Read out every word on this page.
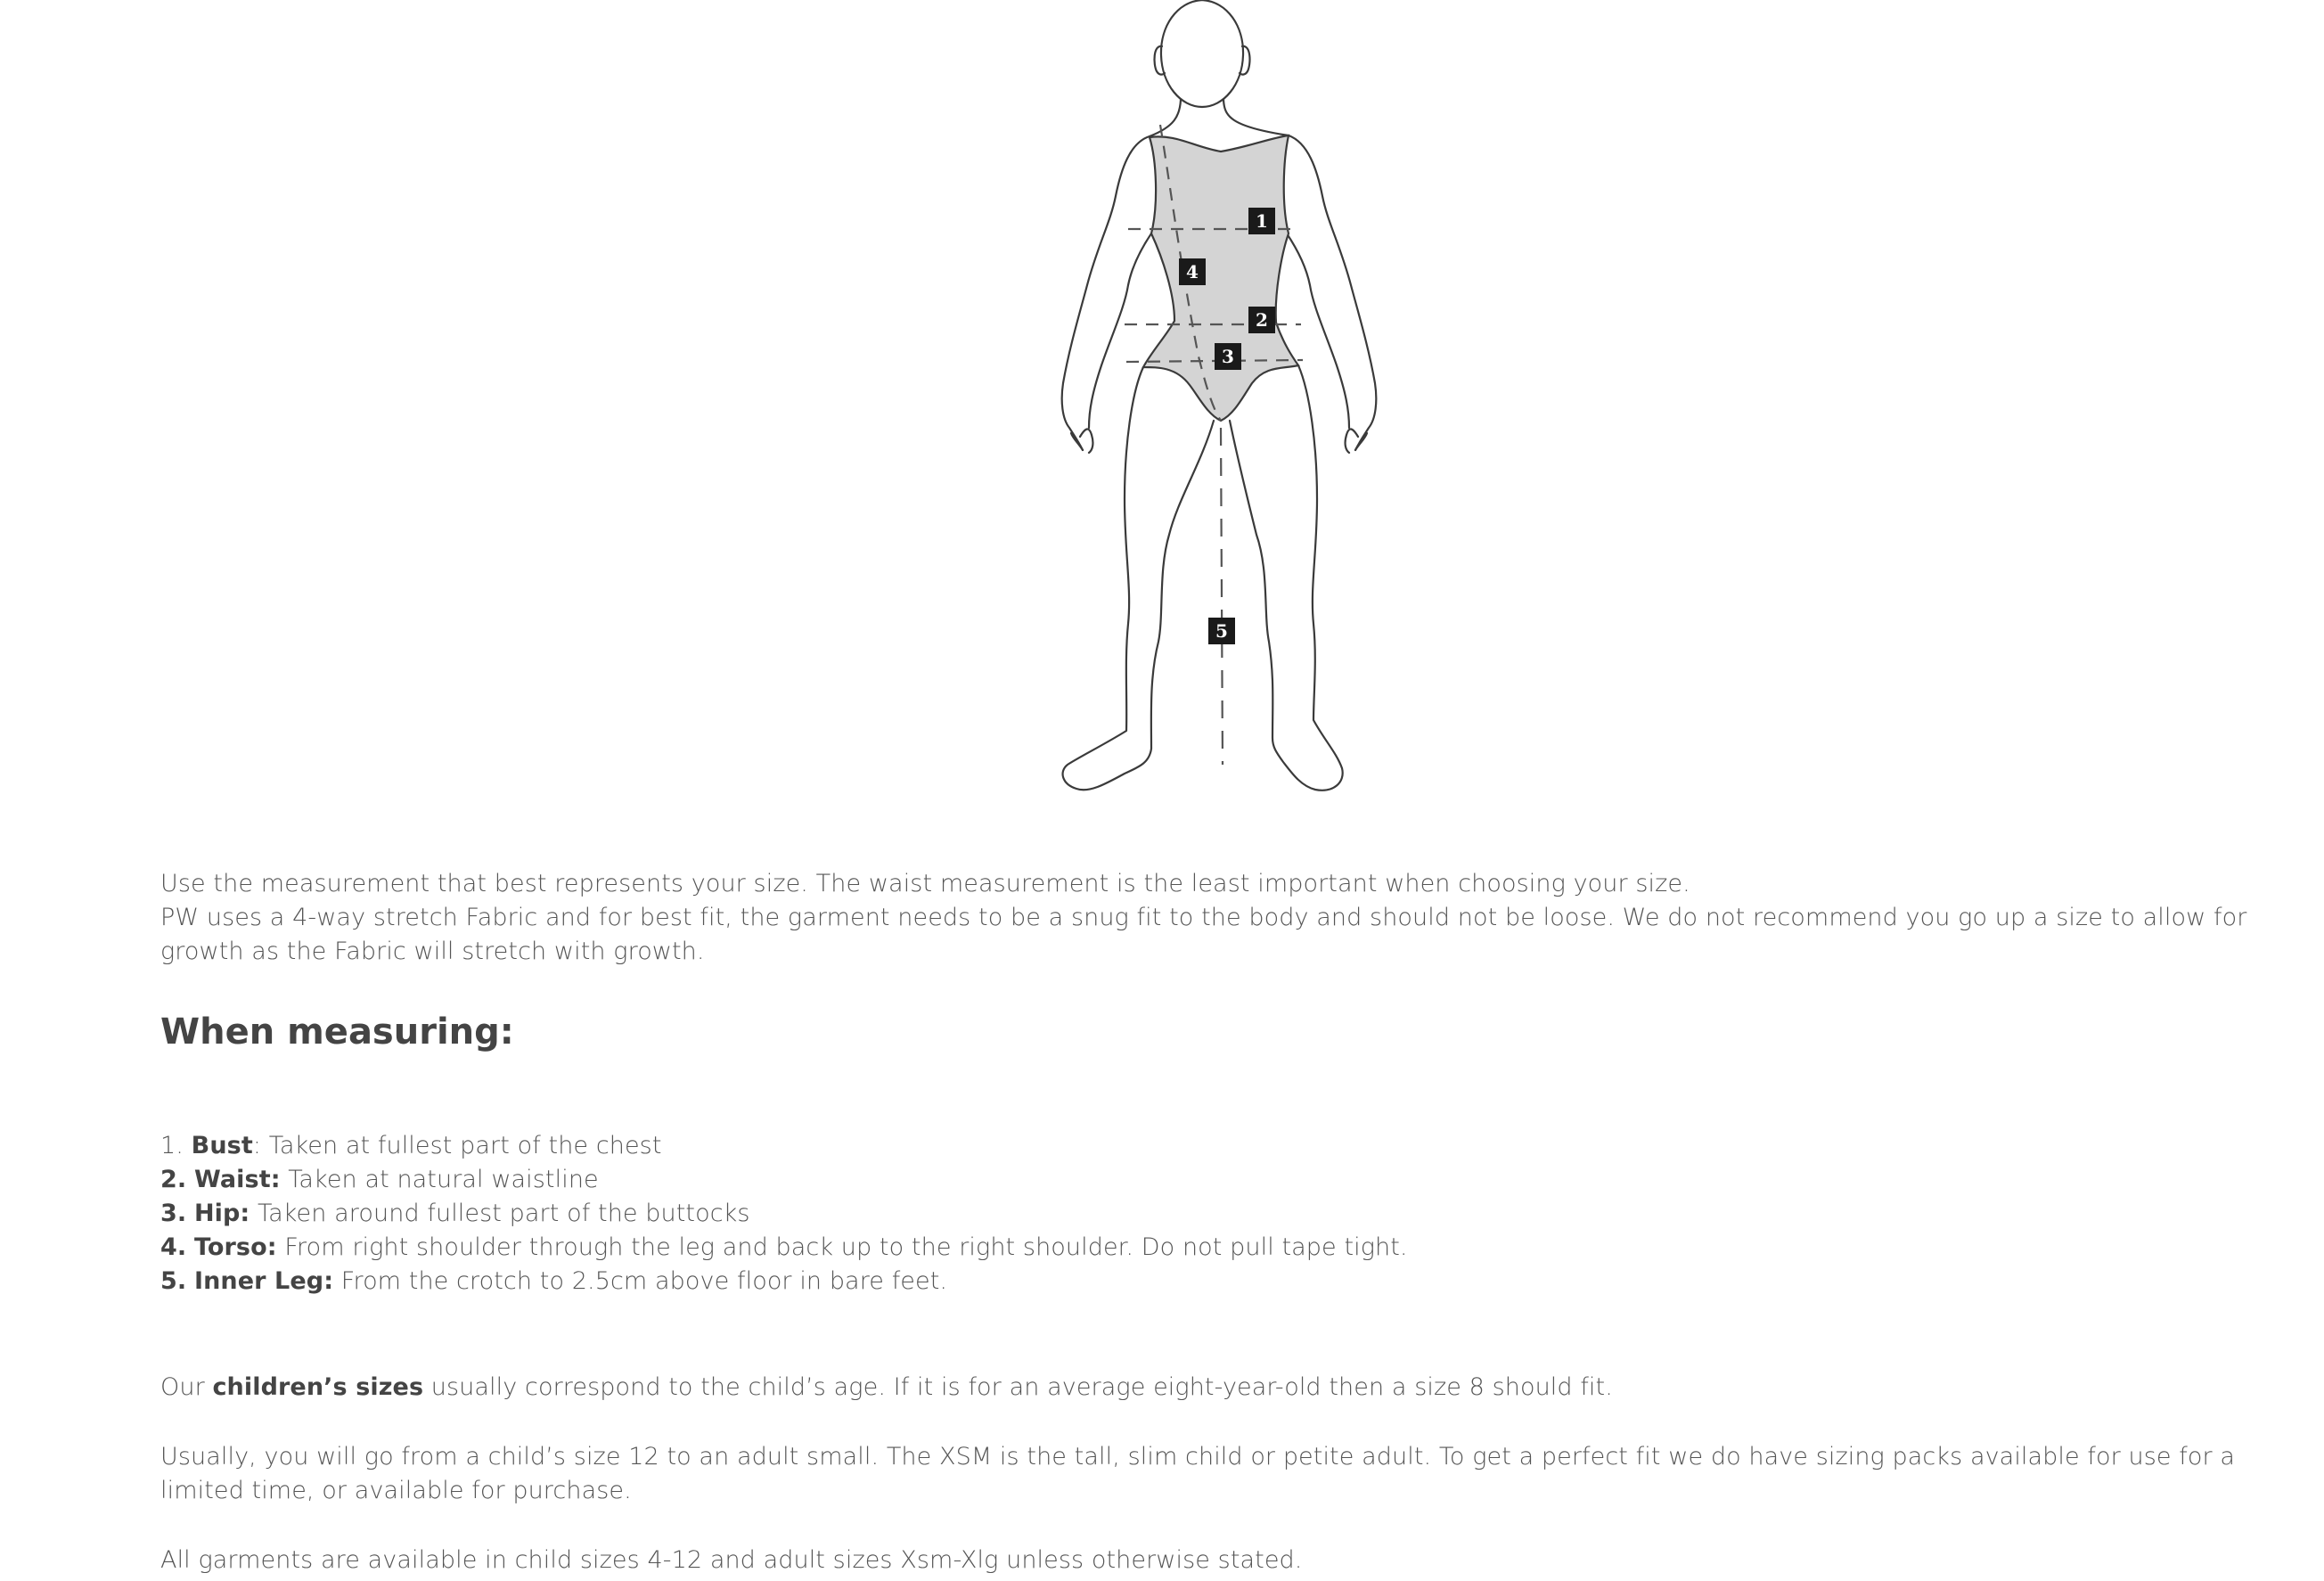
1
4
2
3
5
Use the measurement that best represents your size. The waist measurement is the least important when choosing your size.
PW uses a 4-way stretch Fabric and for best fit, the garment needs to be a snug fit to the body and should not be loose. We do not recommend you go up a size to allow for growth as the Fabric will stretch with growth.
When measuring:
1. Bust: Taken at fullest part of the chest
2. Waist: Taken at natural waistline
3. Hip: Taken around fullest part of the buttocks
4. Torso: From right shoulder through the leg and back up to the right shoulder. Do not pull tape tight.
5. Inner Leg: From the crotch to 2.5cm above floor in bare feet.
Our children’s sizes usually correspond to the child’s age. If it is for an average eight-year-old then a size 8 should fit.
Usually, you will go from a child’s size 12 to an adult small. The XSM is the tall, slim child or petite adult. To get a perfect fit we do have sizing packs available for use for a limited time, or available for purchase.
All garments are available in child sizes 4-12 and adult sizes Xsm-Xlg unless otherwise stated.
